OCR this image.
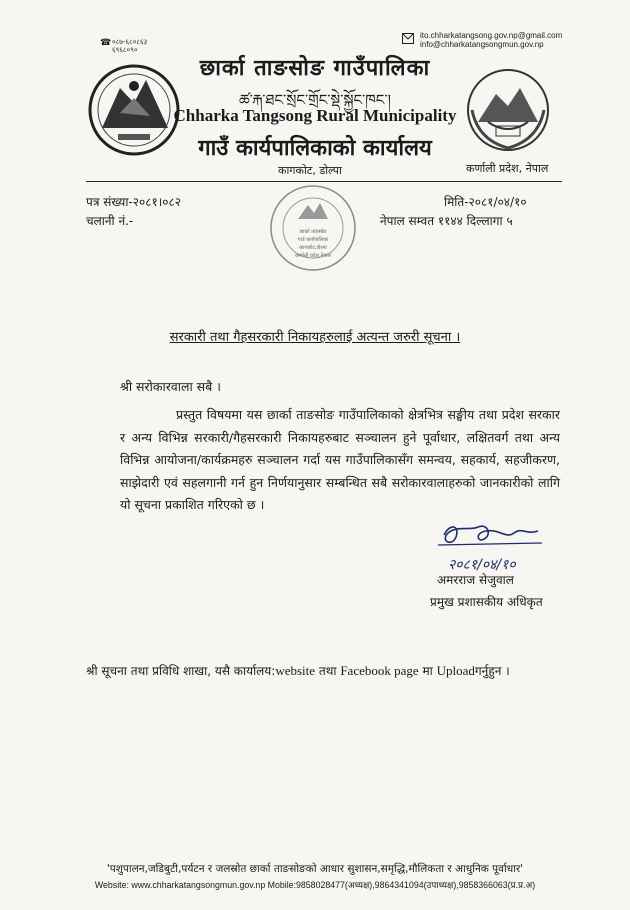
०८७-६८०८६३
६९६८०९०
☎
ito.chharkatangsong.gov.np@gmail.com
info@chharkatangsongmun.gov.np
छार्का ताङसोङ गाउँपालिका
ཚ་རྐ་ཐང་སྲོང་གྲོང་སྡེ་སྐྱོང་ཁང་།
Chharka Tangsong Rural Municipality
गाउँ कार्यपालिकाको कार्यालय
कागकोट, डोल्पा	कर्णाली प्रदेश, नेपाल
पत्र संख्या-२०८१।०८२
चलानी नं.-
मिति-२०८१/०४/१०
नेपाल सम्वत ११४४ दिल्लागा ५
छार्का ताङसोङ
गाउँ कार्यपालिका
कागकोट,डोल्पा
कर्णाली प्रदेश,नेपाल
सरकारी तथा गैहसरकारी निकायहरुलाई अत्यन्त जरुरी सूचना ।
श्री सरोकारवाला सबै ।
प्रस्तुत विषयमा यस छार्का ताङसोङ गाउँपालिकाको क्षेत्रभित्र सङ्घीय तथा प्रदेश सरकार र अन्य विभिन्न सरकारी/गैहसरकारी निकायहरुबाट सञ्चालन हुने पूर्वाधार, लक्षितवर्ग तथा अन्य विभिन्न आयोजना/कार्यक्रमहरु सञ्चालन गर्दा यस गाउँपालिकासँग समन्वय, सहकार्य, सहजीकरण, साझेदारी एवं सहलगानी गर्न हुन निर्णयानुसार सम्बन्धित सबै सरोकारवालाहरुको जानकारीको लागि यो सूचना प्रकाशित गरिएको छ ।
२०८१/०४/१०
अमरराज सेजुवाल
प्रमुख प्रशासकीय अधिकृत
श्री सूचना तथा प्रविधि शाखा, यसै कार्यालय:website तथा Facebook page मा Uploadगर्नुहुन ।
'पशुपालन,जडिबुटी,पर्यटन र जलस्रोत छार्का ताङसोङको आधार सुशासन,समृद्धि,मौलिकता र आधुनिक पूर्वाधार'
Website: www.chharkatangsongmun.gov.np Mobile:9858028477(अध्यक्ष),9864341094(उपाध्यक्ष),9858366063(प्र.प्र.अ)
